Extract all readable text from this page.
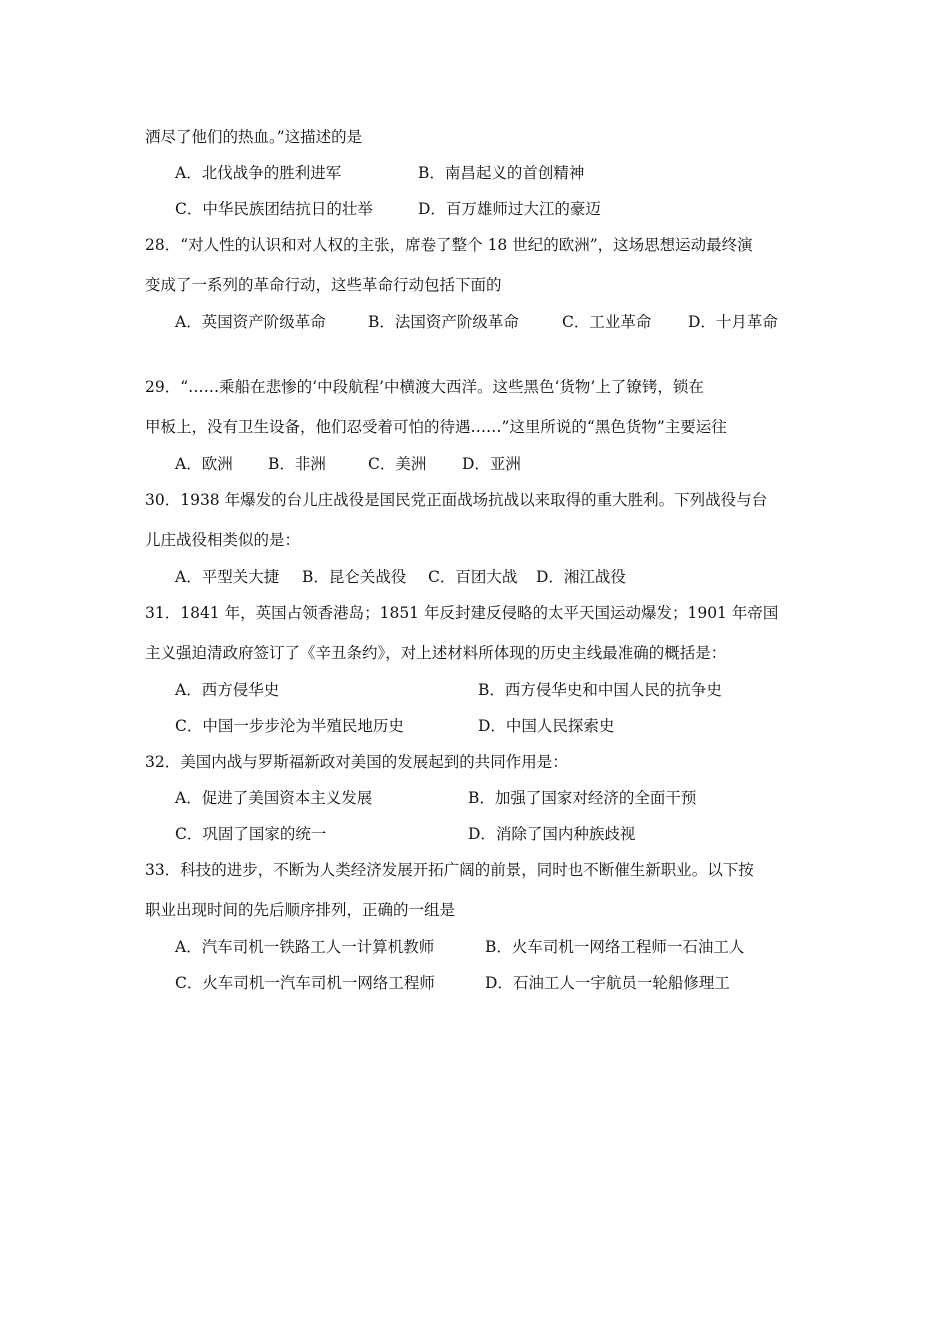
洒尽了他们的热血。”这描述的是
A．北伐战争的胜利进军	B．南昌起义的首创精神
C．中华民族团结抗日的壮举	D．百万雄师过大江的豪迈
28．“对人性的认识和对人权的主张，席卷了整个 18 世纪的欧洲”，这场思想运动最终演
变成了一系列的革命行动，这些革命行动包括下面的
A．英国资产阶级革命	B．法国资产阶级革命	C．工业革命 D．十月革命
29．“……乘船在悲惨的‘中段航程’中横渡大西洋。这些黑色‘货物’上了镣铐，锁在
甲板上，没有卫生设备，他们忍受着可怕的待遇……”这里所说的“黑色货物”主要运往
A．欧洲 B．非洲	C．美洲 D．亚洲
30．1938 年爆发的台儿庄战役是国民党正面战场抗战以来取得的重大胜利。下列战役与台
儿庄战役相类似的是：
A．平型关大捷 B．昆仑关战役 C．百团大战 D．湘江战役
31．1841 年，英国占领香港岛；1851 年反封建反侵略的太平天国运动爆发；1901 年帝国
主义强迫清政府签订了《辛丑条约》，对上述材料所体现的历史主线最准确的概括是：
A．西方侵华史	B．西方侵华史和中国人民的抗争史
C．中国一步步沦为半殖民地历史	D．中国人民探索史
32．美国内战与罗斯福新政对美国的发展起到的共同作用是：
A．促进了美国资本主义发展	B．加强了国家对经济的全面干预
C．巩固了国家的统一	D．消除了国内种族歧视
33．科技的进步，不断为人类经济发展开拓广阔的前景，同时也不断催生新职业。以下按
职业出现时间的先后顺序排列，正确的一组是
A．汽车司机一铁路工人一计算机教师	B．火车司机一网络工程师一石油工人
C．火车司机一汽车司机一网络工程师	D．石油工人一宇航员一轮船修理工
